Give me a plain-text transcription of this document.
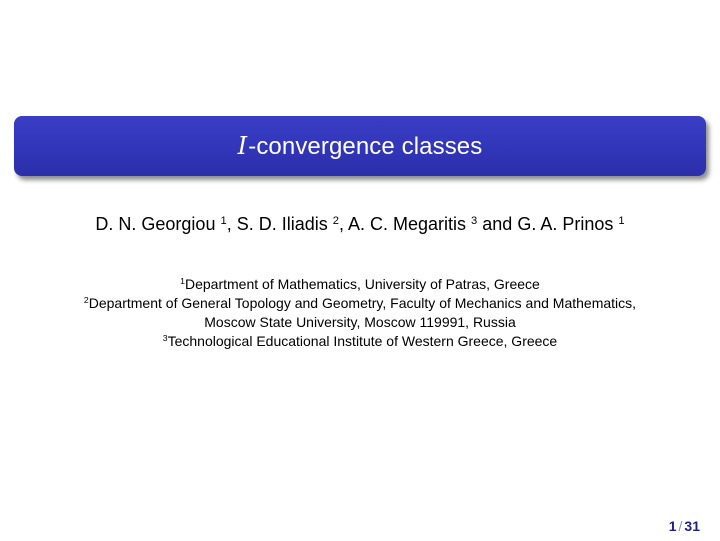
I-convergence classes
D. N. Georgiou $^1$, S. D. Iliadis $^2$, A. C. Megaritis $^3$ and G. A. Prinos $^1$
$^1$Department of Mathematics, University of Patras, Greece
$^2$Department of General Topology and Geometry, Faculty of Mechanics and Mathematics,
Moscow State University, Moscow 119991, Russia
$^3$Technological Educational Institute of Western Greece, Greece
1 / 31
